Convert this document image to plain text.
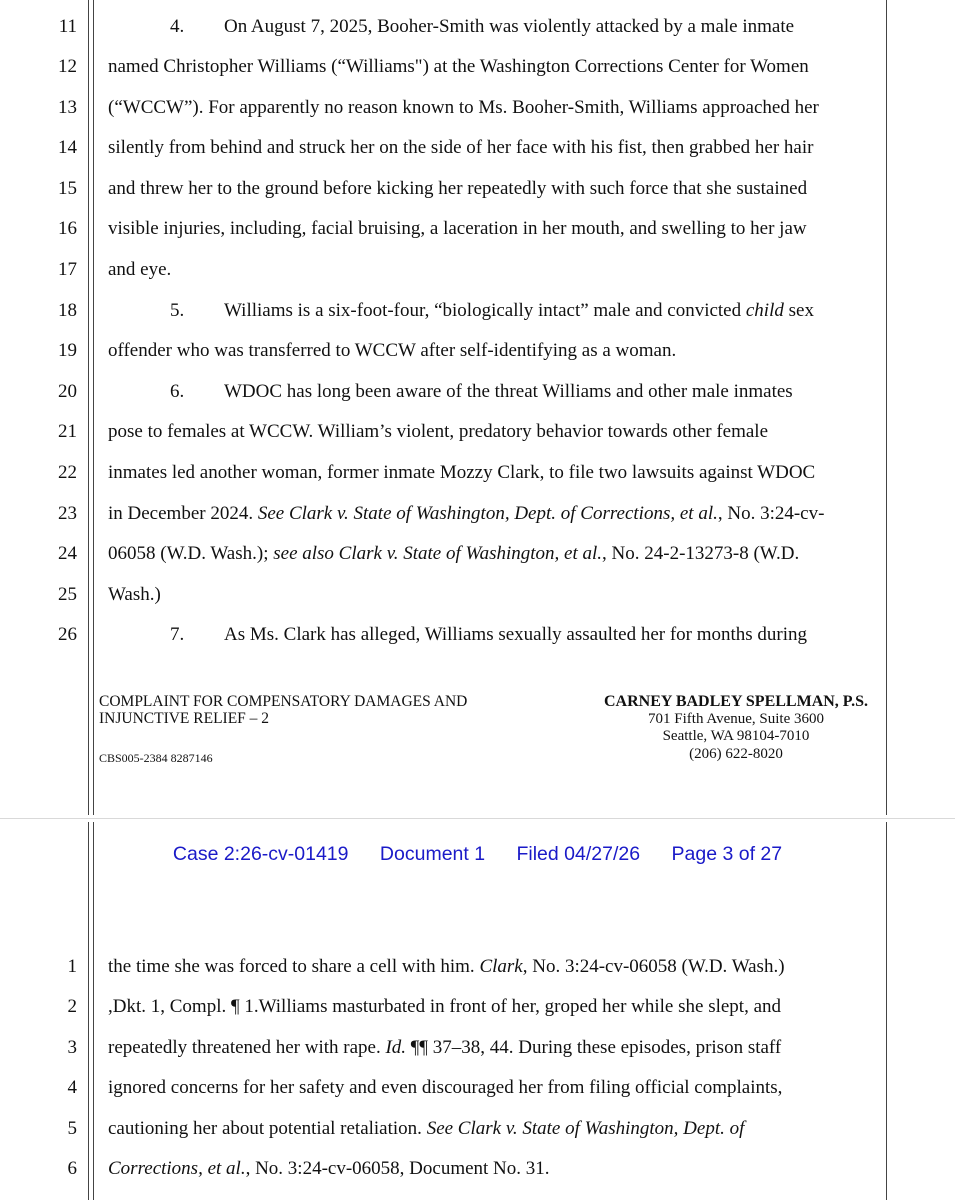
11
12
13
14
15
16
17
18
19
20
21
22
23
24
25
26
4. On August 7, 2025, Booher-Smith was violently attacked by a male inmate
named Christopher Williams (“Williams") at the Washington Corrections Center for Women
(“WCCW”). For apparently no reason known to Ms. Booher-Smith, Williams approached her
silently from behind and struck her on the side of her face with his fist, then grabbed her hair
and threw her to the ground before kicking her repeatedly with such force that she sustained
visible injuries, including, facial bruising, a laceration in her mouth, and swelling to her jaw
and eye.
5. Williams is a six-foot-four, “biologically intact” male and convicted child sex
offender who was transferred to WCCW after self-identifying as a woman.
6. WDOC has long been aware of the threat Williams and other male inmates
pose to females at WCCW. William’s violent, predatory behavior towards other female
inmates led another woman, former inmate Mozzy Clark, to file two lawsuits against WDOC
in December 2024. See Clark v. State of Washington, Dept. of Corrections, et al., No. 3:24-cv-
06058 (W.D. Wash.); see also Clark v. State of Washington, et al., No. 24-2-13273-8 (W.D.
Wash.)
7. As Ms. Clark has alleged, Williams sexually assaulted her for months during
COMPLAINT FOR COMPENSATORY DAMAGES AND
INJUNCTIVE RELIEF – 2
CBS005-2384 8287146
CARNEY BADLEY SPELLMAN, P.S.
701 Fifth Avenue, Suite 3600
Seattle, WA 98104-7010
(206) 622-8020
Case 2:26-cv-01419 Document 1 Filed 04/27/26 Page 3 of 27
1
2
3
4
5
6
the time she was forced to share a cell with him. Clark, No. 3:24-cv-06058 (W.D. Wash.)
,Dkt. 1, Compl. ¶ 1.Williams masturbated in front of her, groped her while she slept, and
repeatedly threatened her with rape. Id. ¶¶ 37–38, 44. During these episodes, prison staff
ignored concerns for her safety and even discouraged her from filing official complaints,
cautioning her about potential retaliation. See Clark v. State of Washington, Dept. of
Corrections, et al., No. 3:24-cv-06058, Document No. 31.
